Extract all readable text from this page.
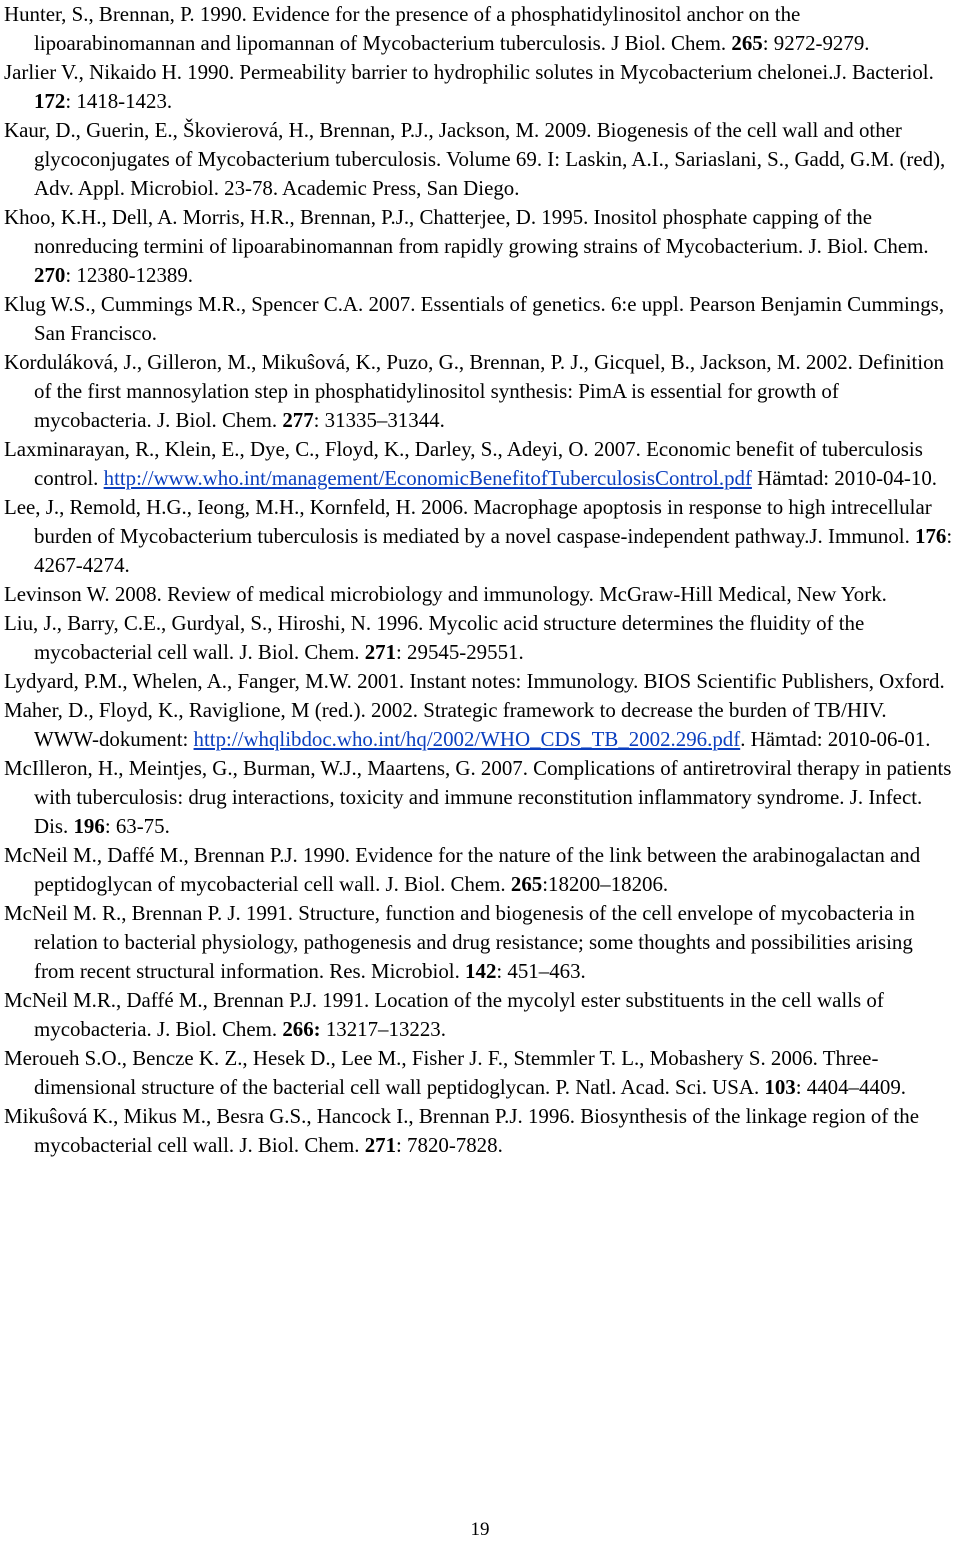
Hunter, S., Brennan, P. 1990. Evidence for the presence of a phosphatidylinositol anchor on the lipoarabinomannan and lipomannan of Mycobacterium tuberculosis. J Biol. Chem. 265: 9272-9279.

Jarlier V., Nikaido H. 1990. Permeability barrier to hydrophilic solutes in Mycobacterium chelonei.J. Bacteriol. 172: 1418-1423.

Kaur, D., Guerin, E., Škovierová, H., Brennan, P.J., Jackson, M. 2009. Biogenesis of the cell wall and other glycoconjugates of Mycobacterium tuberculosis. Volume 69. I: Laskin, A.I., Sariaslani, S., Gadd, G.M. (red), Adv. Appl. Microbiol. 23-78. Academic Press, San Diego.

Khoo, K.H., Dell, A. Morris, H.R., Brennan, P.J., Chatterjee, D. 1995. Inositol phosphate capping of the nonreducing termini of lipoarabinomannan from rapidly growing strains of Mycobacterium. J. Biol. Chem. 270: 12380-12389.

Klug W.S., Cummings M.R., Spencer C.A. 2007. Essentials of genetics. 6:e uppl. Pearson Benjamin Cummings, San Francisco.

Korduláková, J., Gilleron, M., Mikuŝová, K., Puzo, G., Brennan, P. J., Gicquel, B., Jackson, M. 2002. Definition of the first mannosylation step in phosphatidylinositol synthesis: PimA is essential for growth of mycobacteria. J. Biol. Chem. 277: 31335–31344.

Laxminarayan, R., Klein, E., Dye, C., Floyd, K., Darley, S., Adeyi, O. 2007. Economic benefit of tuberculosis control. http://www.who.int/management/EconomicBenefitofTuberculosisControl.pdf Hämtad: 2010-04-10.

Lee, J., Remold, H.G., Ieong, M.H., Kornfeld, H. 2006. Macrophage apoptosis in response to high intrecellular burden of Mycobacterium tuberculosis is mediated by a novel caspase-independent pathway.J. Immunol. 176: 4267-4274.

Levinson W. 2008. Review of medical microbiology and immunology. McGraw-Hill Medical, New York.

Liu, J., Barry, C.E., Gurdyal, S., Hiroshi, N. 1996. Mycolic acid structure determines the fluidity of the mycobacterial cell wall. J. Biol. Chem. 271: 29545-29551.

Lydyard, P.M., Whelen, A., Fanger, M.W. 2001. Instant notes: Immunology. BIOS Scientific Publishers, Oxford.

Maher, D., Floyd, K., Raviglione, M (red.). 2002. Strategic framework to decrease the burden of TB/HIV. WWW-dokument: http://whqlibdoc.who.int/hq/2002/WHO_CDS_TB_2002.296.pdf. Hämtad: 2010-06-01.

McIlleron, H., Meintjes, G., Burman, W.J., Maartens, G. 2007. Complications of antiretroviral therapy in patients with tuberculosis: drug interactions, toxicity and immune reconstitution inflammatory syndrome. J. Infect. Dis. 196: 63-75.

McNeil M., Daffé M., Brennan P.J. 1990. Evidence for the nature of the link between the arabinogalactan and peptidoglycan of mycobacterial cell wall. J. Biol. Chem. 265:18200–18206.

McNeil M. R., Brennan P. J. 1991. Structure, function and biogenesis of the cell envelope of mycobacteria in relation to bacterial physiology, pathogenesis and drug resistance; some thoughts and possibilities arising from recent structural information. Res. Microbiol. 142: 451–463.

McNeil M.R., Daffé M., Brennan P.J. 1991. Location of the mycolyl ester substituents in the cell walls of mycobacteria. J. Biol. Chem. 266: 13217–13223.

Meroueh S.O., Bencze K. Z., Hesek D., Lee M., Fisher J. F., Stemmler T. L., Mobashery S. 2006. Three-dimensional structure of the bacterial cell wall peptidoglycan. P. Natl. Acad. Sci. USA. 103: 4404–4409.

Mikuŝová K., Mikus M., Besra G.S., Hancock I., Brennan P.J. 1996. Biosynthesis of the linkage region of the mycobacterial cell wall. J. Biol. Chem. 271: 7820-7828.

19
